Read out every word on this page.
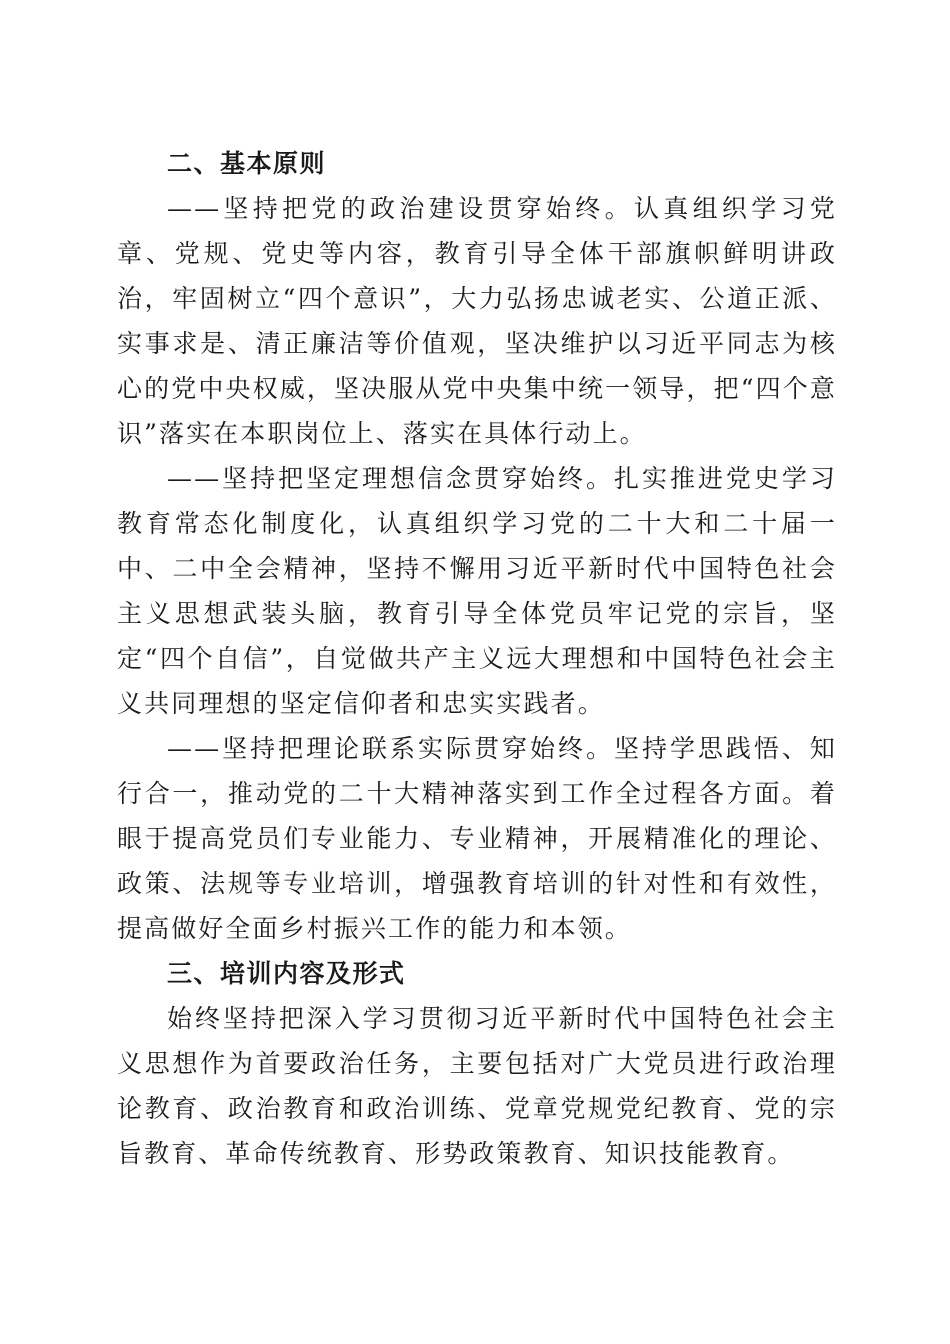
二、基本原则

——坚持把党的政治建设贯穿始终。认真组织学习党章、党规、党史等内容，教育引导全体干部旗帜鲜明讲政治，牢固树立“四个意识”，大力弘扬忠诚老实、公道正派、实事求是、清正廉洁等价值观，坚决维护以习近平同志为核心的党中央权威，坚决服从党中央集中统一领导，把“四个意识”落实在本职岗位上、落实在具体行动上。

——坚持把坚定理想信念贯穿始终。扎实推进党史学习教育常态化制度化，认真组织学习党的二十大和二十届一中、二中全会精神，坚持不懈用习近平新时代中国特色社会主义思想武装头脑，教育引导全体党员牢记党的宗旨，坚定“四个自信”，自觉做共产主义远大理想和中国特色社会主义共同理想的坚定信仰者和忠实实践者。

——坚持把理论联系实际贯穿始终。坚持学思践悟、知行合一，推动党的二十大精神落实到工作全过程各方面。着眼于提高党员们专业能力、专业精神，开展精准化的理论、政策、法规等专业培训，增强教育培训的针对性和有效性，提高做好全面乡村振兴工作的能力和本领。

三、培训内容及形式

始终坚持把深入学习贯彻习近平新时代中国特色社会主义思想作为首要政治任务，主要包括对广大党员进行政治理论教育、政治教育和政治训练、党章党规党纪教育、党的宗旨教育、革命传统教育、形势政策教育、知识技能教育。
